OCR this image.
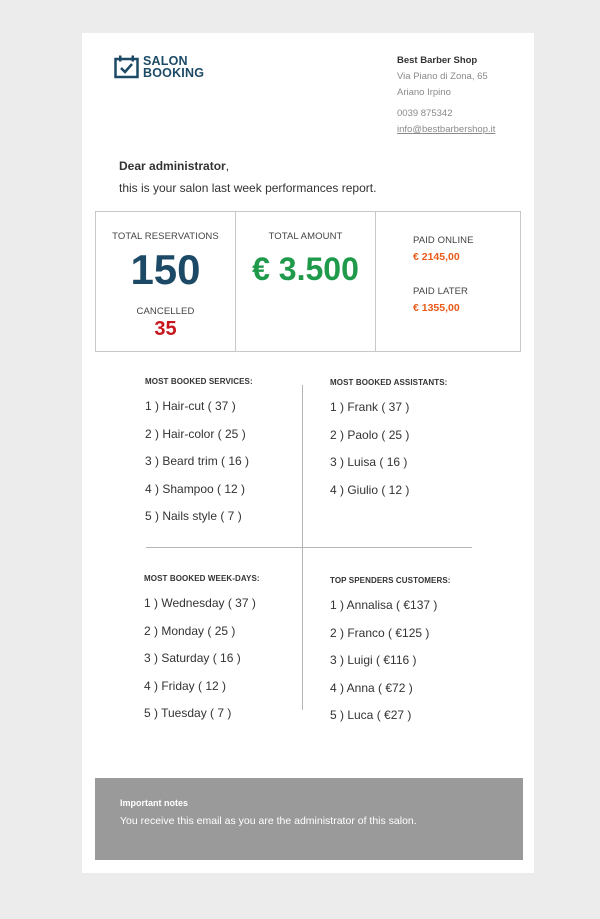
SALON
BOOKING
Best Barber Shop
Via Piano di Zona, 65
Ariano Irpino
0039 875342
info@bestbarbershop.it
Dear administrator,
this is your salon last week performances report.
TOTAL RESERVATIONS
150
CANCELLED
35
TOTAL AMOUNT
€ 3.500
PAID ONLINE
€ 2145,00
PAID LATER
€ 1355,00
MOST BOOKED SERVICES:
1 ) Hair-cut ( 37 )
2 ) Hair-color ( 25 )
3 ) Beard trim ( 16 )
4 ) Shampoo ( 12 )
5 ) Nails style ( 7 )
MOST BOOKED ASSISTANTS:
1 ) Frank ( 37 )
2 ) Paolo ( 25 )
3 ) Luisa ( 16 )
4 ) Giulio ( 12 )
MOST BOOKED WEEK-DAYS:
1 ) Wednesday ( 37 )
2 ) Monday ( 25 )
3 ) Saturday ( 16 )
4 ) Friday ( 12 )
5 ) Tuesday ( 7 )
TOP SPENDERS CUSTOMERS:
1 ) Annalisa ( €137 )
2 ) Franco ( €125 )
3 ) Luigi ( €116 )
4 ) Anna ( €72 )
5 ) Luca ( €27 )
Important notes
You receive this email as you are the administrator of this salon.
